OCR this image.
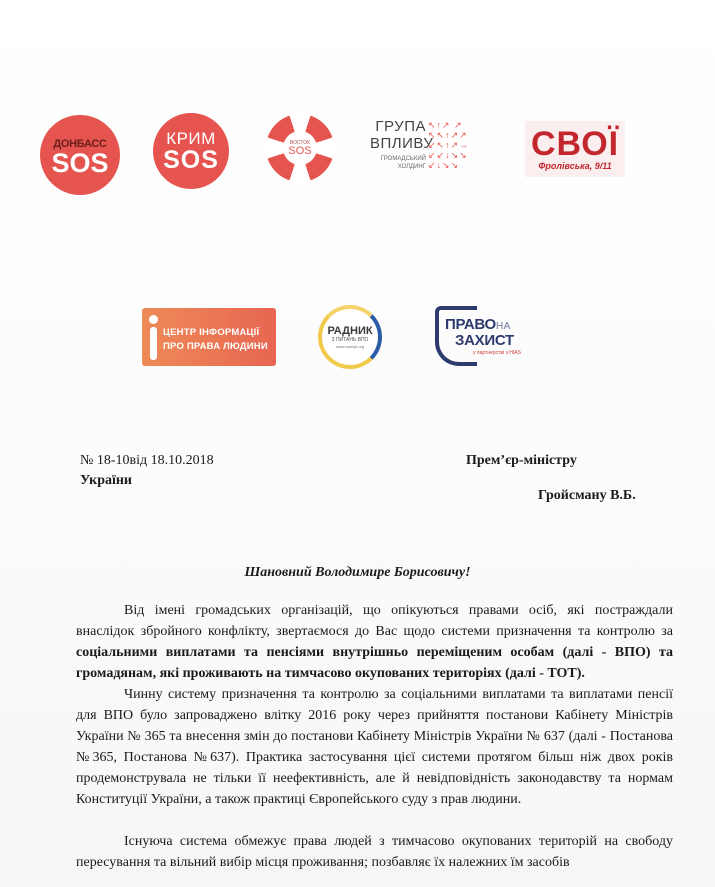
ДОНБАСС
SOS
КРИМ
SOS
ВОСТОК
SOS
ГРУПА
ВПЛИВУ
ГРОМАДСЬКИЙ ХОЛДИНГ
↖↑↗ ↗
↖↖↑↗↗
↙↖↑↗→
↙↙↓↘↘
↙↓↘↘
СВОЇ
Фролівська, 9/11
ЦЕНТР ІНФОРМАЦІЇ
ПРО ПРАВА ЛЮДИНИ
РАДНИК
З ПИТАНЬ ВПО
www.radnyk.org
ПРАВОНА
ЗАХИСТ
у партнерстві з HIAS
№ 18-10від 18.10.2018
України
Прем’єр-міністру
Гройсману В.Б.
Шановний Володимире Борисовичу!
Від імені громадських організацій, що опікуються правами осіб, які постраждали внаслідок збройного конфлікту, звертаємося до Вас щодо системи призначення та контролю за соціальними виплатами та пенсіями внутрішньо переміщеним особам (далі - ВПО) та громадянам, які проживають на тимчасово окупованих територіях (далі - ТОТ).
Чинну систему призначення та контролю за соціальними виплатами та виплатами пенсії для ВПО було запроваджено влітку 2016 року через прийняття постанови Кабінету Міністрів України № 365 та внесення змін до постанови Кабінету Міністрів України № 637 (далі - Постанова №365, Постанова №637). Практика застосування цієї системи протягом більш ніж двох років продемонструвала не тільки її неефективність, але й невідповідність законодавству та нормам Конституції України, а також практиці Європейського суду з прав людини.
Існуюча система обмежує права людей з тимчасово окупованих територій на свободу пересування та вільний вибір місця проживання; позбавляє їх належних їм засобів
